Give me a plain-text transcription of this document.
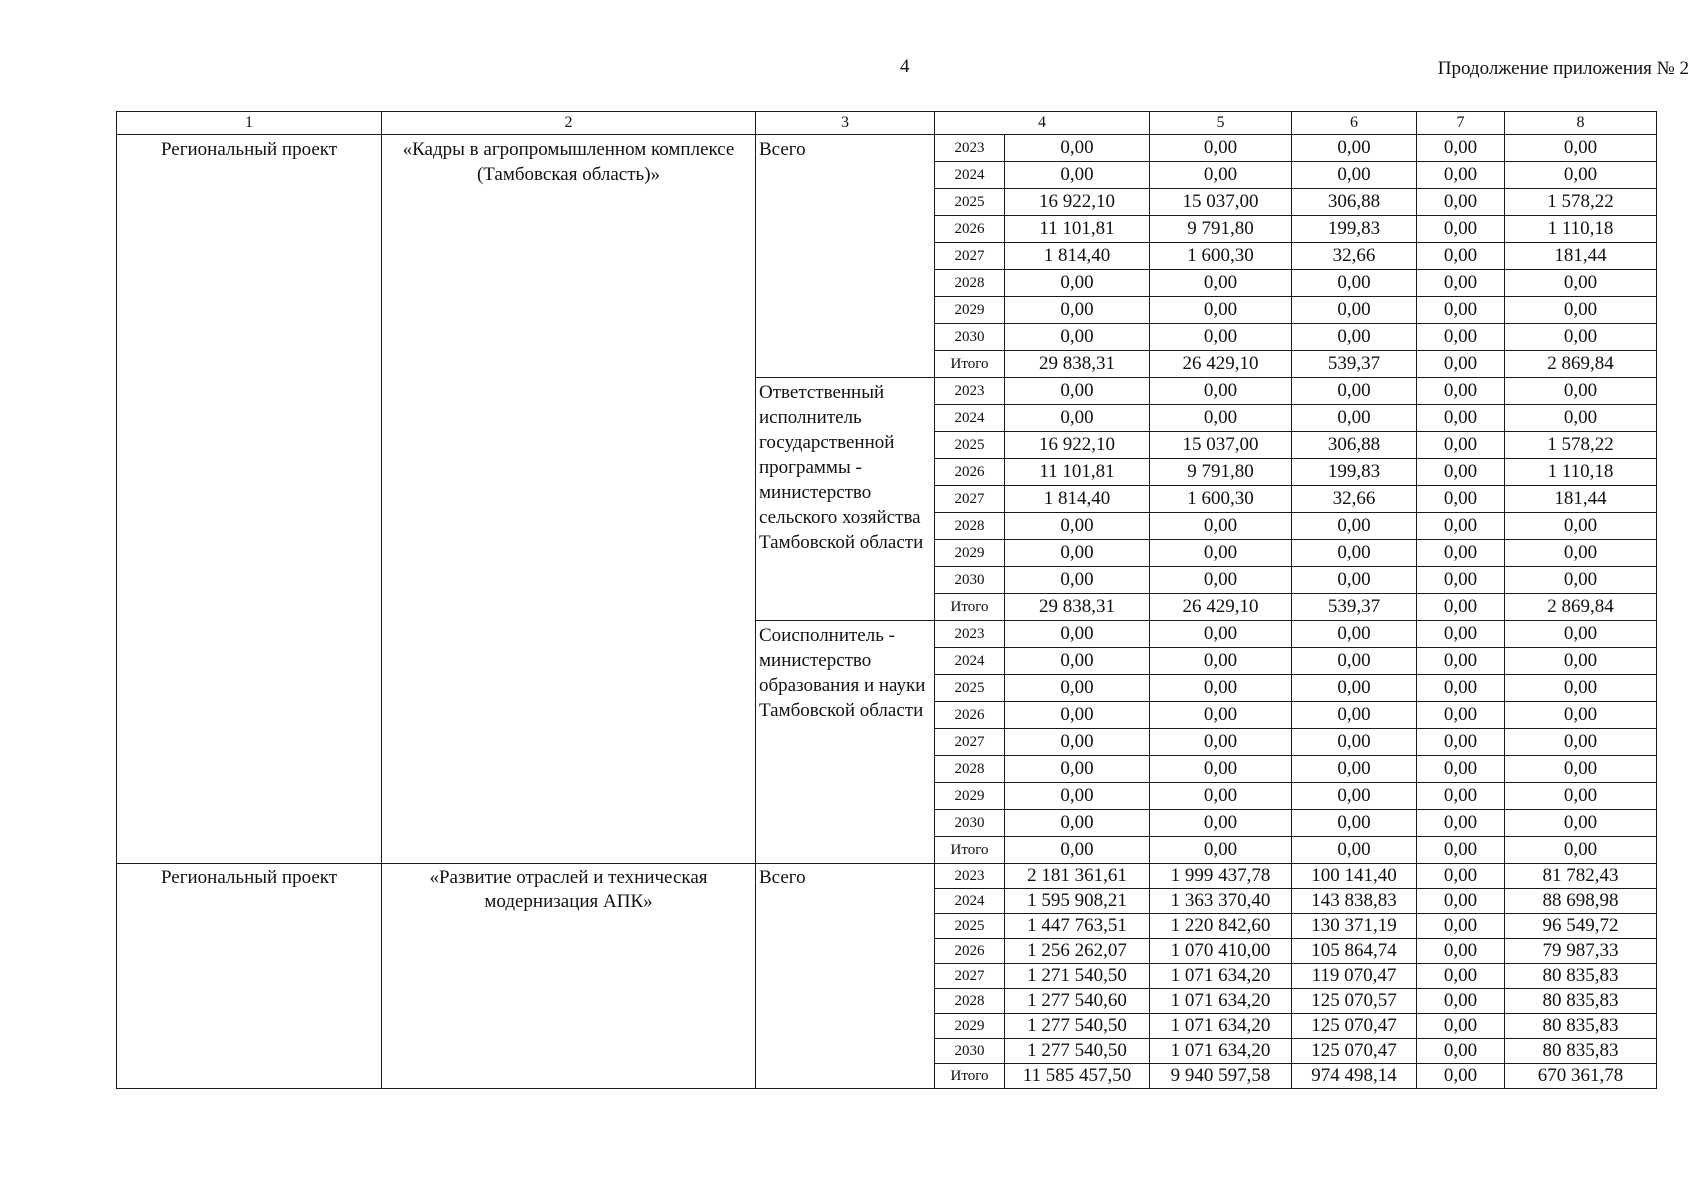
4	Продолжение приложения № 2
1	2	3	4		5	6	7	8
Региональный проект	«Кадры в агропромышленном комплексе (Тамбовская область)»	Всего	2023	0,00	0,00	0,00	0,00	0,00
			2024	0,00	0,00	0,00	0,00	0,00
			2025	16 922,10	15 037,00	306,88	0,00	1 578,22
			2026	11 101,81	9 791,80	199,83	0,00	1 110,18
			2027	1 814,40	1 600,30	32,66	0,00	181,44
			2028	0,00	0,00	0,00	0,00	0,00
			2029	0,00	0,00	0,00	0,00	0,00
			2030	0,00	0,00	0,00	0,00	0,00
			Итого	29 838,31	26 429,10	539,37	0,00	2 869,84
		Ответственный исполнитель государственной программы - министерство сельского хозяйства Тамбовской области	2023	0,00	0,00	0,00	0,00	0,00
			2024	0,00	0,00	0,00	0,00	0,00
			2025	16 922,10	15 037,00	306,88	0,00	1 578,22
			2026	11 101,81	9 791,80	199,83	0,00	1 110,18
			2027	1 814,40	1 600,30	32,66	0,00	181,44
			2028	0,00	0,00	0,00	0,00	0,00
			2029	0,00	0,00	0,00	0,00	0,00
			2030	0,00	0,00	0,00	0,00	0,00
			Итого	29 838,31	26 429,10	539,37	0,00	2 869,84
		Соисполнитель - министерство образования и науки Тамбовской области	2023	0,00	0,00	0,00	0,00	0,00
			2024	0,00	0,00	0,00	0,00	0,00
			2025	0,00	0,00	0,00	0,00	0,00
			2026	0,00	0,00	0,00	0,00	0,00
			2027	0,00	0,00	0,00	0,00	0,00
			2028	0,00	0,00	0,00	0,00	0,00
			2029	0,00	0,00	0,00	0,00	0,00
			2030	0,00	0,00	0,00	0,00	0,00
			Итого	0,00	0,00	0,00	0,00	0,00
Региональный проект	«Развитие отраслей и техническая модернизация АПК»	Всего	2023	2 181 361,61	1 999 437,78	100 141,40	0,00	81 782,43
			2024	1 595 908,21	1 363 370,40	143 838,83	0,00	88 698,98
			2025	1 447 763,51	1 220 842,60	130 371,19	0,00	96 549,72
			2026	1 256 262,07	1 070 410,00	105 864,74	0,00	79 987,33
			2027	1 271 540,50	1 071 634,20	119 070,47	0,00	80 835,83
			2028	1 277 540,60	1 071 634,20	125 070,57	0,00	80 835,83
			2029	1 277 540,50	1 071 634,20	125 070,47	0,00	80 835,83
			2030	1 277 540,50	1 071 634,20	125 070,47	0,00	80 835,83
			Итого	11 585 457,50	9 940 597,58	974 498,14	0,00	670 361,78
